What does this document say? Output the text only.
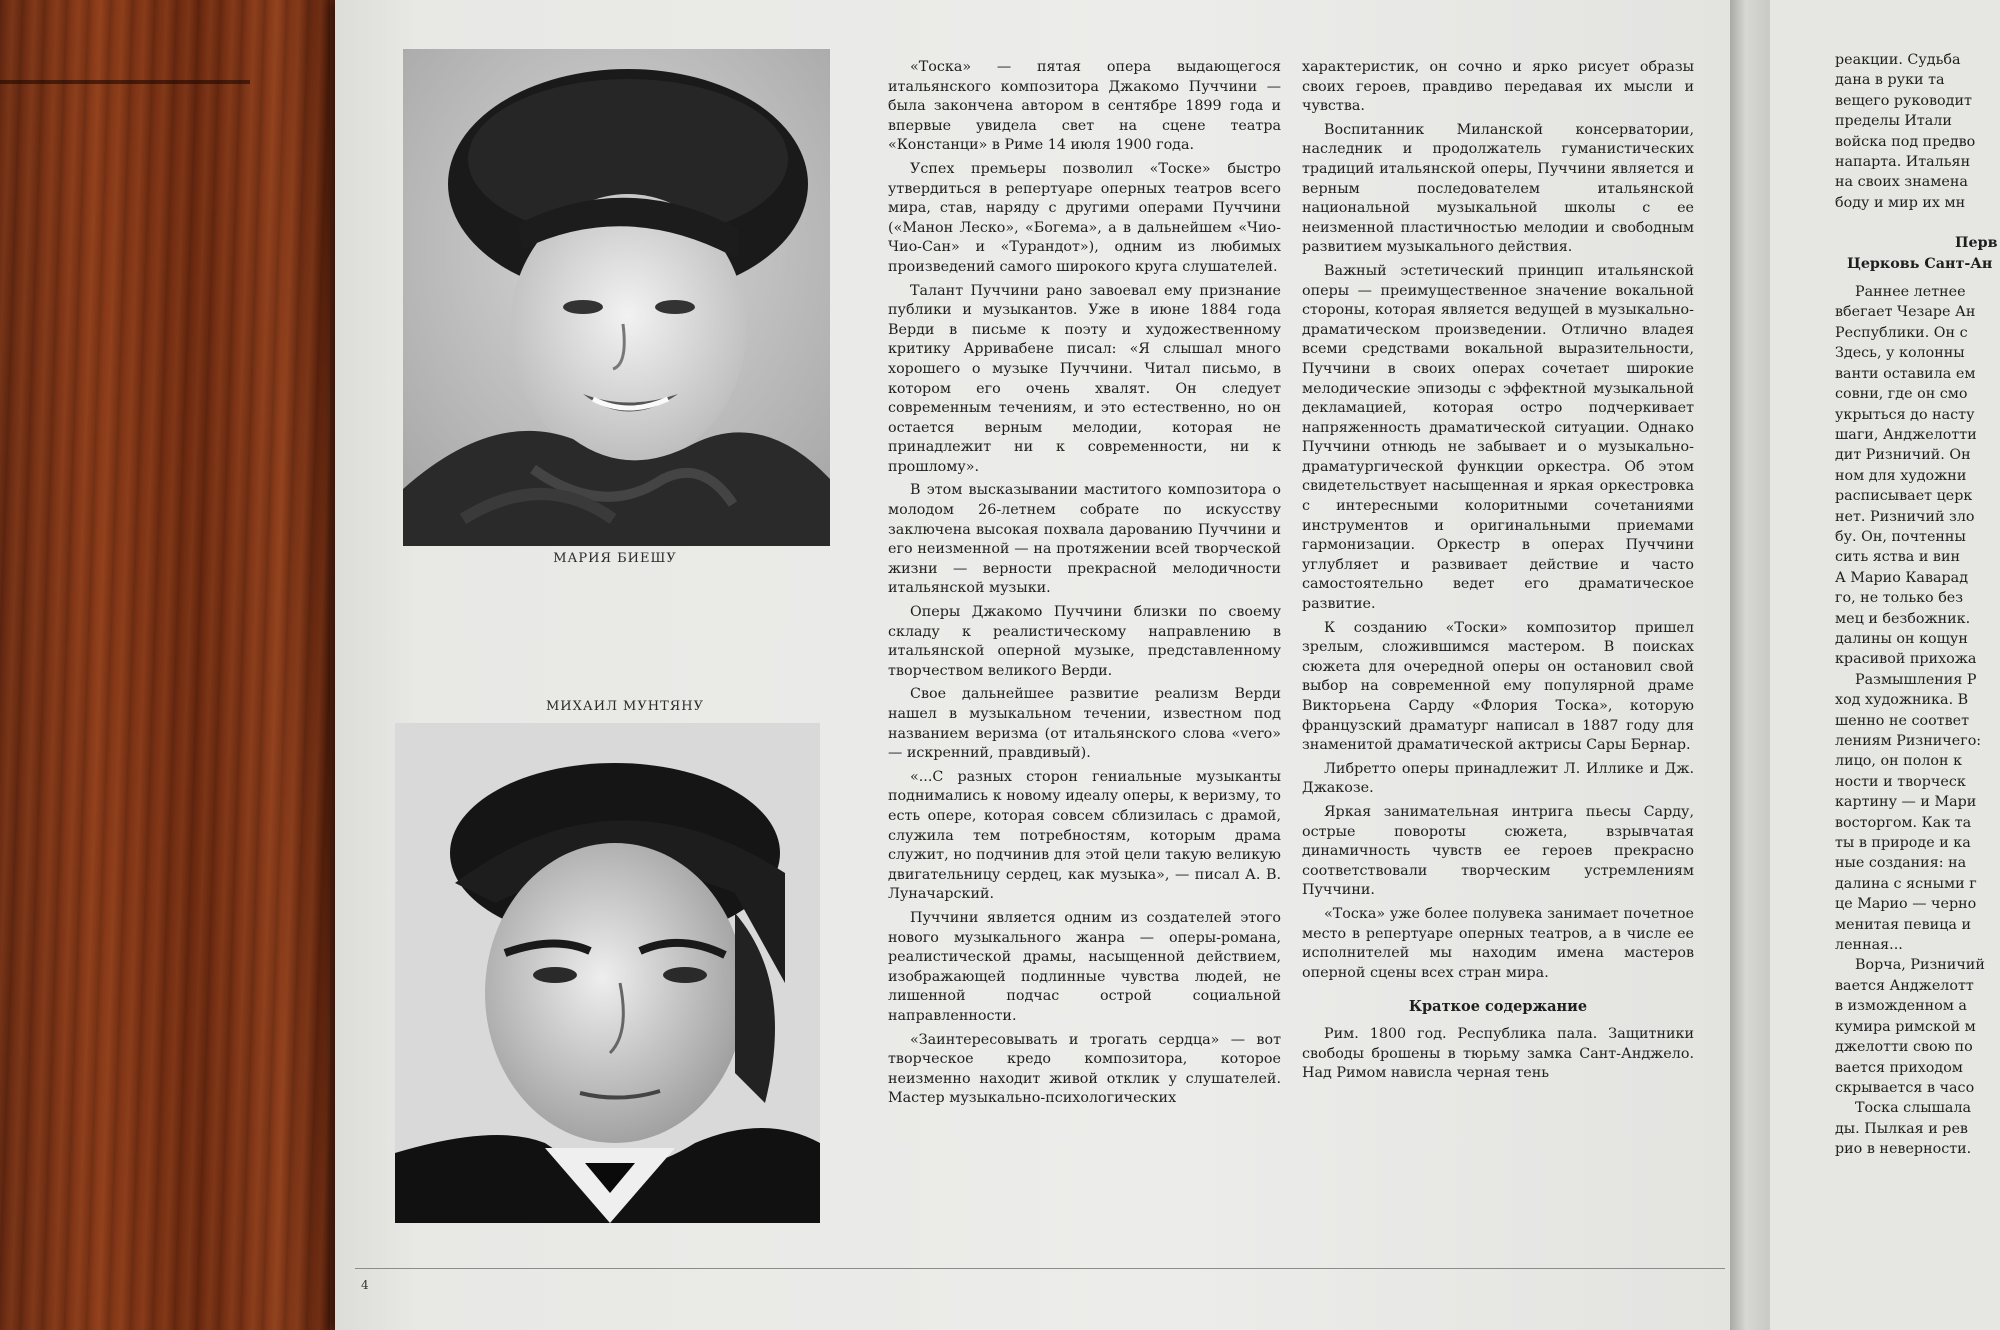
МАРИЯ БИЕШУ
МИХАИЛ МУНТЯНУ

«Тоска» — пятая опера выдающегося итальянского композитора Джакомо Пуччини — была закончена автором в сентябре 1899 года и впервые увидела свет на сцене театра «Констанци» в Риме 14 июля 1900 года.

Успех премьеры позволил «Тоске» быстро утвердиться в репертуаре оперных театров всего мира, став, наряду с другими операми Пуччини («Манон Леско», «Богема», а в дальнейшем «Чио-Чио-Сан» и «Турандот»), одним из любимых произведений самого широкого круга слушателей.

Талант Пуччини рано завоевал ему признание публики и музыкантов. Уже в июне 1884 года Верди в письме к поэту и художественному критику Арривабене писал: «Я слышал много хорошего о музыке Пуччини. Читал письмо, в котором его очень хвалят. Он следует современным течениям, и это естественно, но он остается верным мелодии, которая не принадлежит ни к современности, ни к прошлому».

В этом высказывании маститого композитора о молодом 26-летнем собрате по искусству заключена высокая похвала дарованию Пуччини и его неизменной — на протяжении всей творческой жизни — верности прекрасной мелодичности итальянской музыки.

Оперы Джакомо Пуччини близки по своему складу к реалистическому направлению в итальянской оперной музыке, представленному творчеством великого Верди.

Свое дальнейшее развитие реализм Верди нашел в музыкальном течении, известном под названием веризма (от итальянского слова «vero» — искренний, правдивый).

«...С разных сторон гениальные музыканты поднимались к новому идеалу оперы, к веризму, то есть опере, которая совсем сблизилась с драмой, служила тем потребностям, которым драма служит, но подчинив для этой цели такую великую двигательницу сердец, как музыка», — писал А. В. Луначарский.

Пуччини является одним из создателей этого нового музыкального жанра — оперы-романа, реалистической драмы, насыщенной действием, изображающей подлинные чувства людей, не лишенной подчас острой социальной направленности.

«Заинтересовывать и трогать сердца» — вот творческое кредо композитора, которое неизменно находит живой отклик у слушателей. Мастер музыкально-психологических

характеристик, он сочно и ярко рисует образы своих героев, правдиво передавая их мысли и чувства.

Воспитанник Миланской консерватории, наследник и продолжатель гуманистических традиций итальянской оперы, Пуччини является и верным последователем итальянской национальной музыкальной школы с ее неизменной пластичностью мелодии и свободным развитием музыкального действия.

Важный эстетический принцип итальянской оперы — преимущественное значение вокальной стороны, которая является ведущей в музыкально-драматическом произведении. Отлично владея всеми средствами вокальной выразительности, Пуччини в своих операх сочетает широкие мелодические эпизоды с эффектной музыкальной декламацией, которая остро подчеркивает напряженность драматической ситуации. Однако Пуччини отнюдь не забывает и о музыкально-драматургической функции оркестра. Об этом свидетельствует насыщенная и яркая оркестровка с интересными колоритными сочетаниями инструментов и оригинальными приемами гармонизации. Оркестр в операх Пуччини углубляет и развивает действие и часто самостоятельно ведет его драматическое развитие.

К созданию «Тоски» композитор пришел зрелым, сложившимся мастером. В поисках сюжета для очередной оперы он остановил свой выбор на современной ему популярной драме Викторьена Сарду «Флория Тоска», которую французский драматург написал в 1887 году для знаменитой драматической актрисы Сары Бернар.

Либретто оперы принадлежит Л. Иллике и Дж. Джакозе.

Яркая занимательная интрига пьесы Сарду, острые повороты сюжета, взрывчатая динамичность чувств ее героев прекрасно соответствовали творческим устремлениям Пуччини.

«Тоска» уже более полувека занимает почетное место в репертуаре оперных театров, а в числе ее исполнителей мы находим имена мастеров оперной сцены всех стран мира.

Краткое содержание

Рим. 1800 год. Республика пала. Защитники свободы брошены в тюрьму замка Сант-Анджело. Над Римом нависла черная тень

реакции. Судьба
дана в руки та
вещего руководит
пределы Итали
войска под предво
напарта. Итальян
на своих знамена
боду и мир их мн
Перв
Церковь Сант-Ан
Раннее летнее
вбегает Чезаре Ан
Республики. Он с
Здесь, у колонны
ванти оставила ем
совни, где он смо
укрыться до насту
шаги, Анджелотти
дит Ризничий. Он
ном для художни
расписывает церк
нет. Ризничий зло
бу. Он, почтенны
сить яства и вин
А Марио Каварад
го, не только без
мец и безбожник.
далины он кощун
красивой прихожа
Размышления Р
ход художника. В
шенно не соответ
лениям Ризничего:
лицо, он полон к
ности и творческ
картину — и Мари
восторгом. Как та
ты в природе и ка
ные создания: на
далина с ясными г
це Марио — черно
менитая певица и
ленная...
Ворча, Ризничий
вается Анджелотт
в изможденном а
кумира римской м
джелотти свою по
вается приходом
скрывается в часо
Тоска слышала
ды. Пылкая и рев
рио в неверности.
4
